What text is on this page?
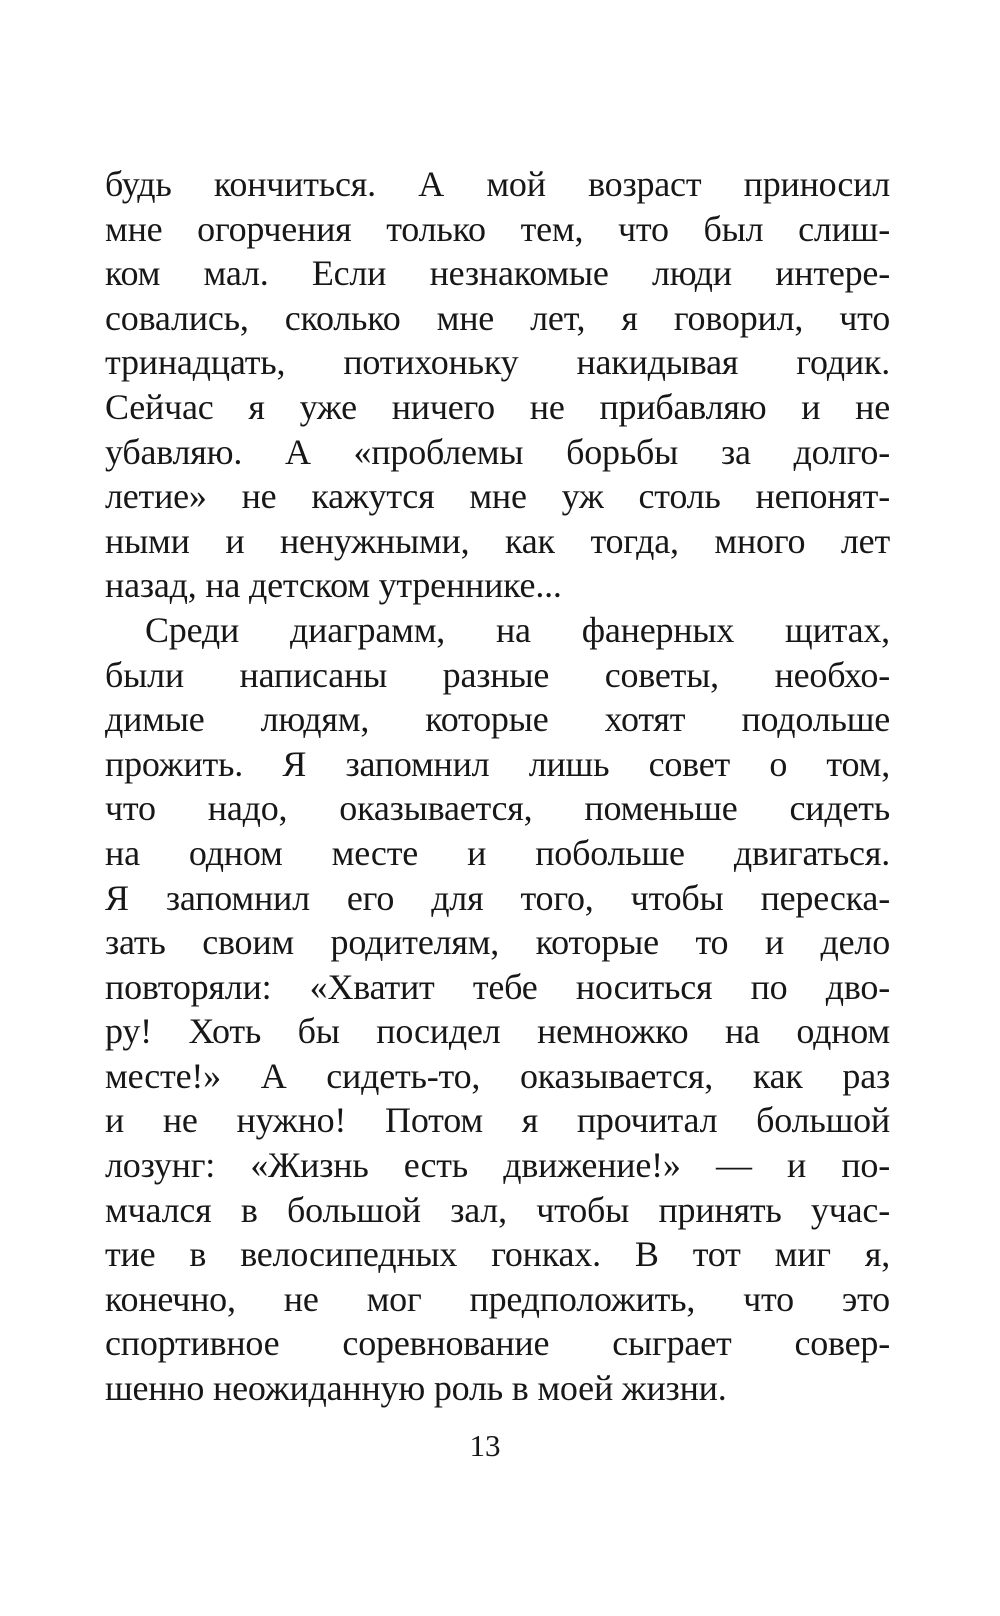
будь кончиться. А мой возраст приносил
мне огорчения только тем, что был слиш-
ком мал. Если незнакомые люди интере-
совались, сколько мне лет, я говорил, что
тринадцать, потихоньку накидывая годик.
Сейчас я уже ничего не прибавляю и не
убавляю. А «проблемы борьбы за долго-
летие» не кажутся мне уж столь непонят-
ными и ненужными, как тогда, много лет
назад, на детском утреннике...
Среди диаграмм, на фанерных щитах,
были написаны разные советы, необхо-
димые людям, которые хотят подольше
прожить. Я запомнил лишь совет о том,
что надо, оказывается, поменьше сидеть
на одном месте и побольше двигаться.
Я запомнил его для того, чтобы переска-
зать своим родителям, которые то и дело
повторяли: «Хватит тебе носиться по дво-
ру! Хоть бы посидел немножко на одном
месте!» А сидеть-то, оказывается, как раз
и не нужно! Потом я прочитал большой
лозунг: «Жизнь есть движение!» — и по-
мчался в большой зал, чтобы принять учас-
тие в велосипедных гонках. В тот миг я,
конечно, не мог предположить, что это
спортивное соревнование сыграет совер-
шенно неожиданную роль в моей жизни.
13
